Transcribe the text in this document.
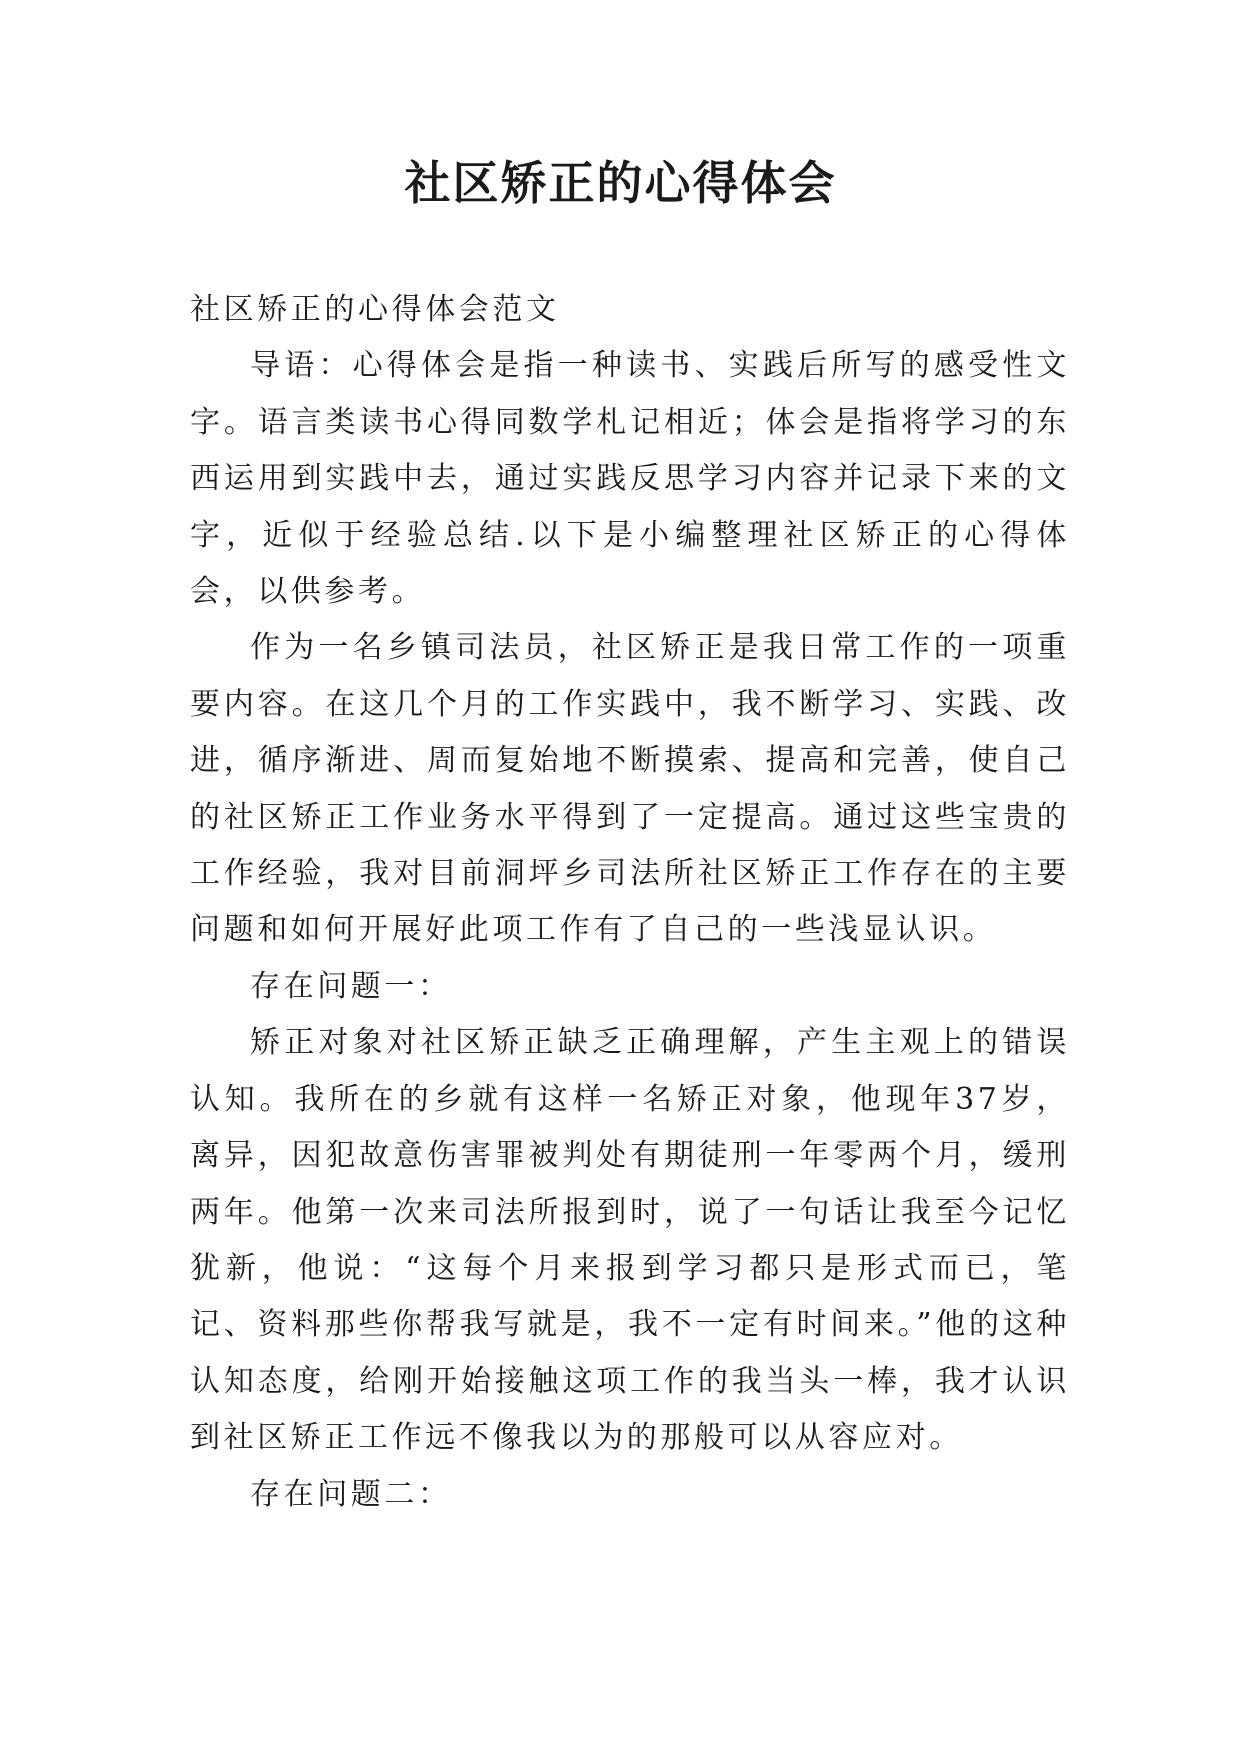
社区矫正的心得体会

社区矫正的心得体会范文

导语：心得体会是指一种读书、实践后所写的感受性文字。语言类读书心得同数学札记相近；体会是指将学习的东西运用到实践中去，通过实践反思学习内容并记录下来的文字，近似于经验总结.以下是小编整理社区矫正的心得体会，以供参考。

作为一名乡镇司法员，社区矫正是我日常工作的一项重要内容。在这几个月的工作实践中，我不断学习、实践、改进，循序渐进、周而复始地不断摸索、提高和完善，使自己的社区矫正工作业务水平得到了一定提高。通过这些宝贵的工作经验，我对目前洞坪乡司法所社区矫正工作存在的主要问题和如何开展好此项工作有了自己的一些浅显认识。

存在问题一：

矫正对象对社区矫正缺乏正确理解，产生主观上的错误认知。我所在的乡就有这样一名矫正对象，他现年37岁，离异，因犯故意伤害罪被判处有期徒刑一年零两个月，缓刑两年。他第一次来司法所报到时，说了一句话让我至今记忆犹新，他说：“这每个月来报到学习都只是形式而已，笔记、资料那些你帮我写就是，我不一定有时间来。”他的这种认知态度，给刚开始接触这项工作的我当头一棒，我才认识到社区矫正工作远不像我以为的那般可以从容应对。

存在问题二：
